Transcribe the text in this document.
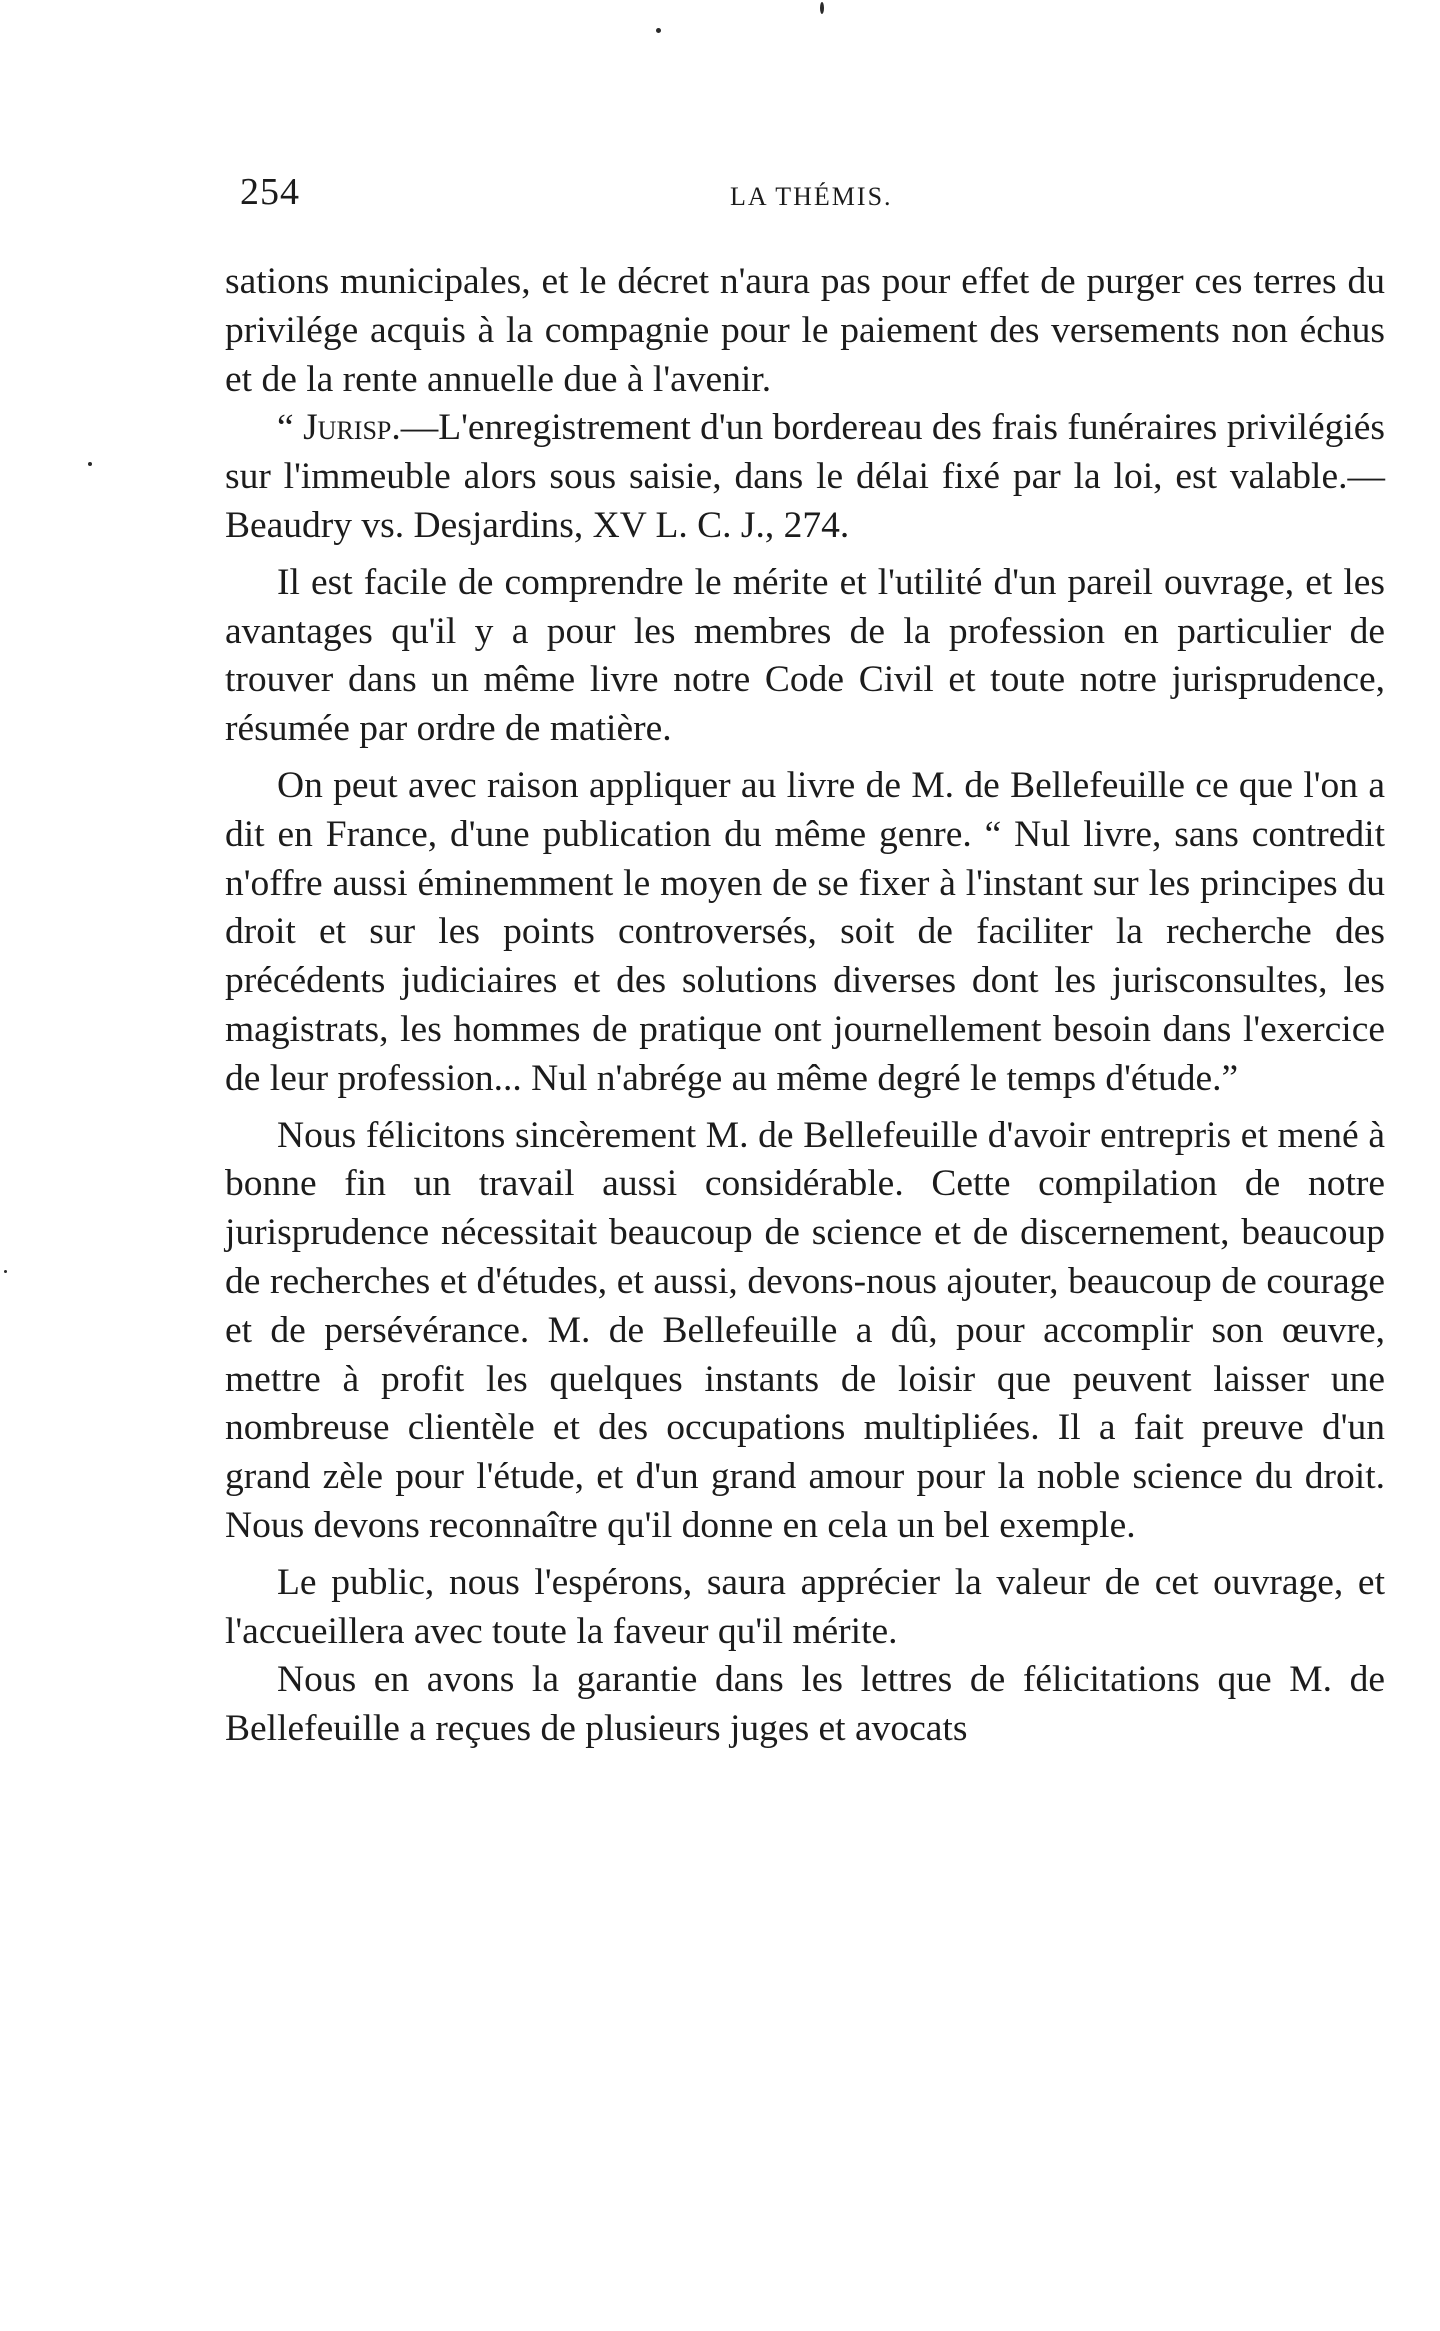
254	LA THÉMIS.

sations municipales, et le décret n'aura pas pour effet de purger ces terres du privilége acquis à la compagnie pour le paiement des versements non échus et de la rente annuelle due à l'avenir.

“ Jurisp.—L'enregistrement d'un bordereau des frais funéraires privilégiés sur l'immeuble alors sous saisie, dans le délai fixé par la loi, est valable.— Beaudry vs. Desjardins, XV L. C. J., 274.

Il est facile de comprendre le mérite et l'utilité d'un pareil ouvrage, et les avantages qu'il y a pour les membres de la profession en particulier de trouver dans un même livre notre Code Civil et toute notre jurisprudence, résumée par ordre de matière.

On peut avec raison appliquer au livre de M. de Bellefeuille ce que l'on a dit en France, d'une publication du même genre. “ Nul livre, sans contredit n'offre aussi éminemment le moyen de se fixer à l'instant sur les principes du droit et sur les points controversés, soit de faciliter la recherche des précédents judiciaires et des solutions diverses dont les jurisconsultes, les magistrats, les hommes de pratique ont journellement besoin dans l'exercice de leur profession... Nul n'abrége au même degré le temps d'étude.”

Nous félicitons sincèrement M. de Bellefeuille d'avoir entrepris et mené à bonne fin un travail aussi considérable. Cette compilation de notre jurisprudence nécessitait beaucoup de science et de discernement, beaucoup de recherches et d'études, et aussi, devons-nous ajouter, beaucoup de courage et de persévérance. M. de Bellefeuille a dû, pour accomplir son œuvre, mettre à profit les quelques instants de loisir que peuvent laisser une nombreuse clientèle et des occupations multipliées. Il a fait preuve d'un grand zèle pour l'étude, et d'un grand amour pour la noble science du droit. Nous devons reconnaître qu'il donne en cela un bel exemple.

Le public, nous l'espérons, saura apprécier la valeur de cet ouvrage, et l'accueillera avec toute la faveur qu'il mérite.

Nous en avons la garantie dans les lettres de félicitations que M. de Bellefeuille a reçues de plusieurs juges et avocats
